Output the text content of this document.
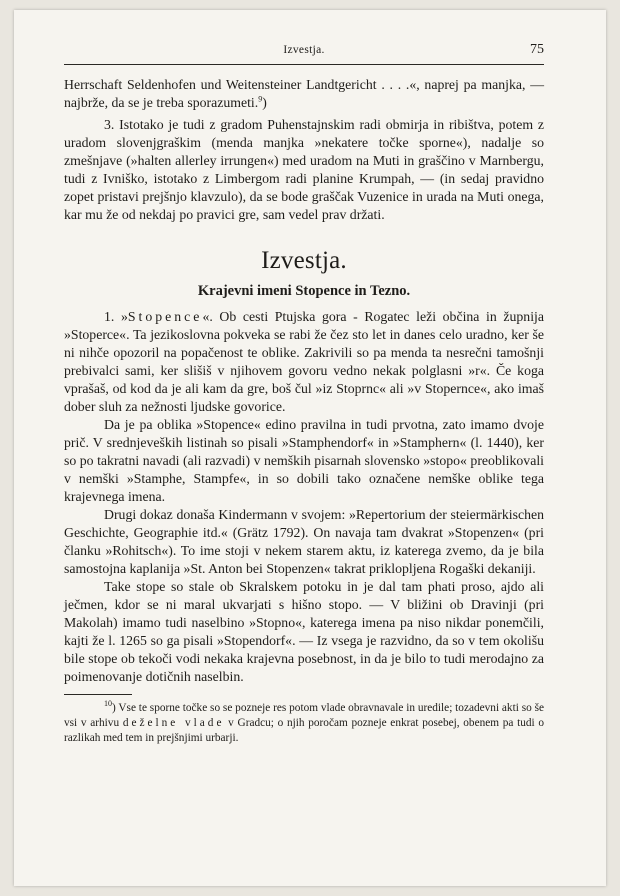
Izvestja.	75

Herrschaft Seldenhofen und Weitensteiner Landtgericht . . . .«, naprej pa manjka, — najbrže, da se je treba sporazumeti.$^9$)

3. Istotako je tudi z gradom Puhenstajnskim radi obmirja in ribištva, potem z uradom slovenjgraškim (menda manjka »nekatere točke sporne«), nadalje so zmešnjave (»halten allerley irrungen«) med uradom na Muti in graščino v Marnbergu, tudi z Ivniško, istotako z Limbergom radi planine Krumpah, — (in sedaj pravidno zopet pristavi prejšnjo klavzulo), da se bode graščak Vuzenice in urada na Muti onega, kar mu že od nekdaj po pravici gre, sam vedel prav držati.

Izvestja.
Krajevni imeni Stopence in Tezno.

1. »Stopence«. Ob cesti Ptujska gora - Rogatec leži občina in župnija »Stoperce«. Ta jezikoslovna pokveka se rabi že čez sto let in danes celo uradno, ker še ni nihče opozoril na popačenost te oblike. Zakrivili so pa menda ta nesrečni tamošnji prebivalci sami, ker slišiš v njihovem govoru vedno nekak polglasni »r«. Če koga vprašaš, od kod da je ali kam da gre, boš čul »iz Stoprnc« ali »v Stopernce«, ako imaš dober sluh za nežnosti ljudske govorice.

Da je pa oblika »Stopence« edino pravilna in tudi prvotna, zato imamo dvoje prič. V srednjeveških listinah so pisali »Stamphendorf« in »Stamphern« (l. 1440), ker so po takratni navadi (ali razvadi) v nemških pisarnah slovensko »stopo« preoblikovali v nemški »Stamphe, Stampfe«, in so dobili tako označene nemške oblike tega krajevnega imena.

Drugi dokaz donaša Kindermann v svojem: »Repertorium der steiermärkischen Geschichte, Geographie itd.« (Grätz 1792). On navaja tam dvakrat »Stopenzen« (pri članku »Rohitsch«). To ime stoji v nekem starem aktu, iz katerega zvemo, da je bila samostojna kaplanija »St. Anton bei Stopenzen« takrat priklopljena Rogaški dekaniji.

Take stope so stale ob Skralskem potoku in je dal tam phati proso, ajdo ali ječmen, kdor se ni maral ukvarjati s hišno stopo. — V bližini ob Dravinji (pri Makolah) imamo tudi naselbino »Stopno«, katerega imena pa niso nikdar ponemčili, kajti že l. 1265 so ga pisali »Stopendorf«. — Iz vsega je razvidno, da so v tem okolišu bile stope ob tekoči vodi nekaka krajevna posebnost, in da je bilo to tudi merodajno za poimenovanje dotičnih naselbin.

$^{10}$) Vse te sporne točke so se pozneje res potom vlade obravnavale in uredile; tozadevni akti so še vsi v arhivu deželne vlade v Gradcu; o njih poročam pozneje enkrat posebej, obenem pa tudi o razlikah med tem in prejšnjimi urbarji.
